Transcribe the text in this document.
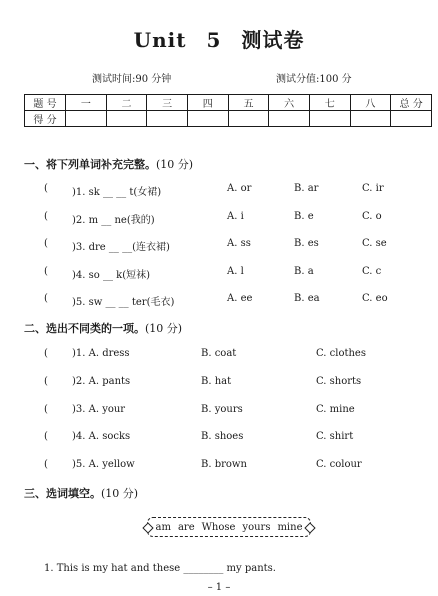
Unit 5 测试卷
测试时间:90 分钟	测试分值:100 分
题 号	一	二	三	四	五	六	七	八	总 分
得 分									
一、将下列单词补充完整。(10 分)
( )1. sk __ __ t(女裙)	A. or	B. ar	C. ir
( )2. m __ ne(我的)	A. i	B. e	C. o
( )3. dre __ __(连衣裙)	A. ss	B. es	C. se
( )4. so __ k(短袜)	A. l	B. a	C. c
( )5. sw __ __ ter(毛衣)	A. ee	B. ea	C. eo
二、选出不同类的一项。(10 分)
( )1. A. dress	B. coat	C. clothes
( )2. A. pants	B. hat	C. shorts
( )3. A. your	B. yours	C. mine
( )4. A. socks	B. shoes	C. shirt
( )5. A. yellow	B. brown	C. colour
三、选词填空。(10 分)
am are Whose yours mine
1. This is my hat and these ________ my pants.
– 1 –
